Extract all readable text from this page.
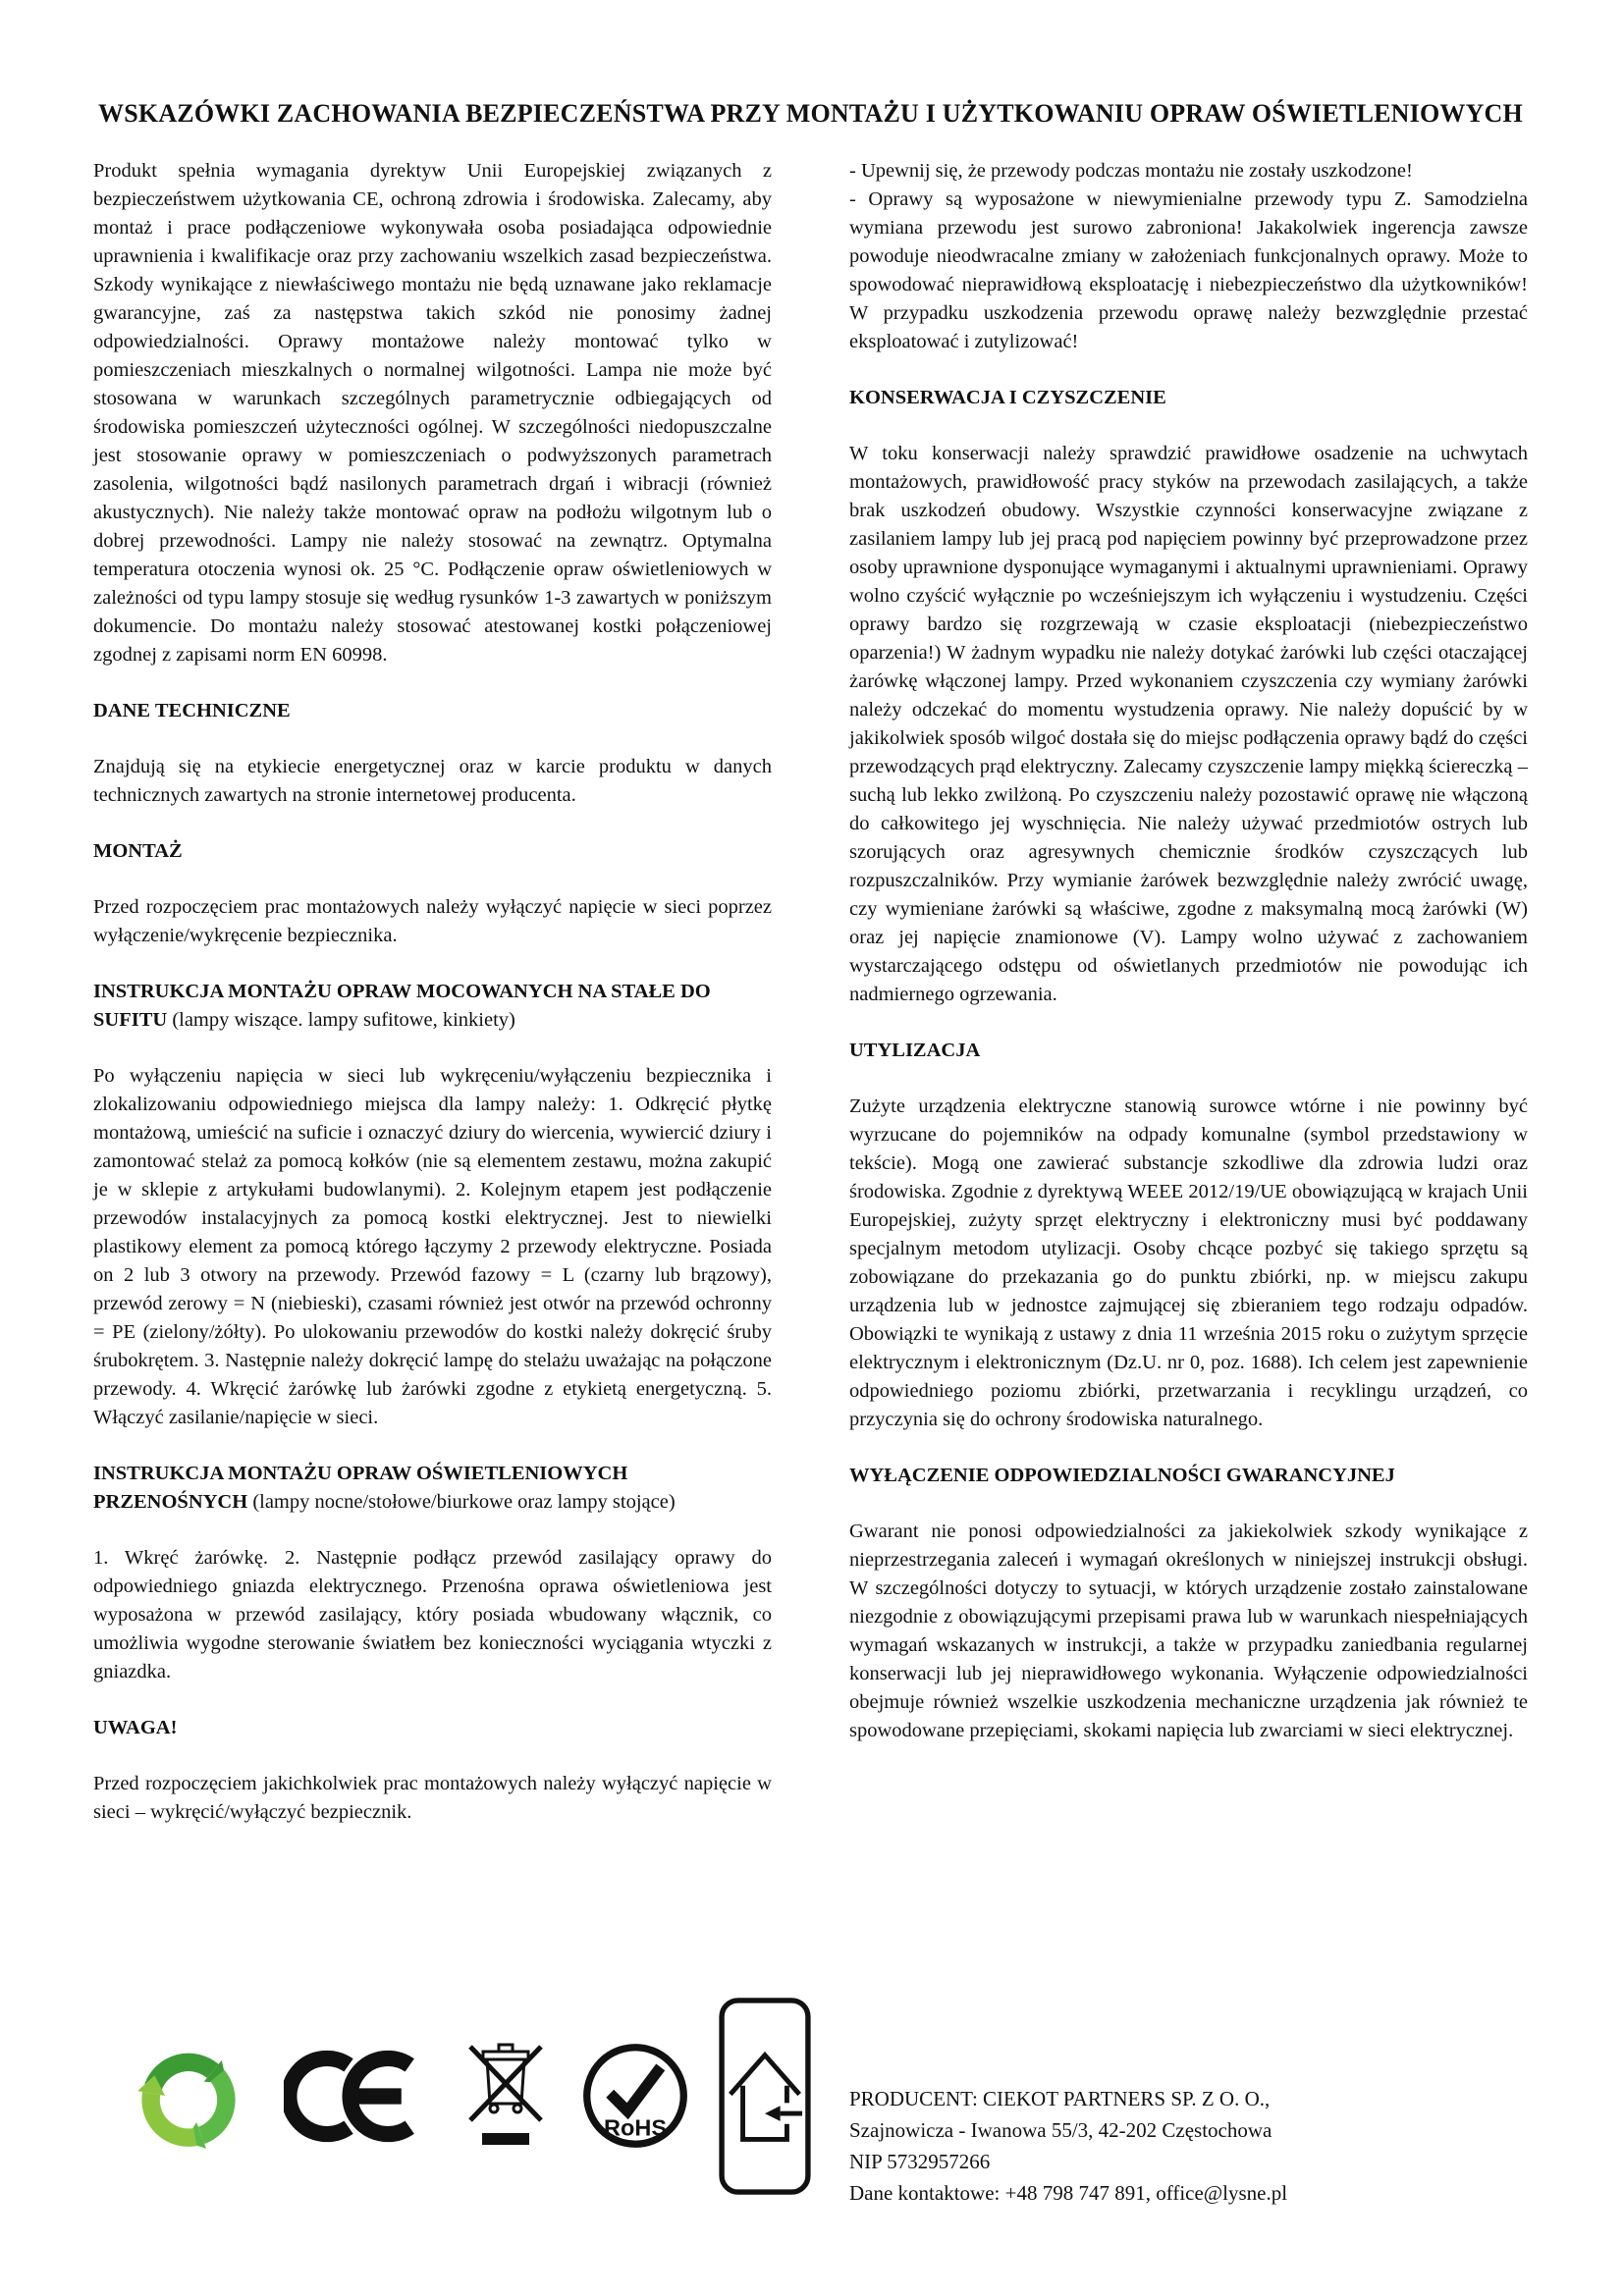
WSKAZÓWKI ZACHOWANIA BEZPIECZEŃSTWA PRZY MONTAŻU I UŻYTKOWANIU OPRAW OŚWIETLENIOWYCH

Produkt spełnia wymagania dyrektyw Unii Europejskiej związanych z bezpieczeństwem użytkowania CE, ochroną zdrowia i środowiska. Zalecamy, aby montaż i prace podłączeniowe wykonywała osoba posiadająca odpowiednie uprawnienia i kwalifikacje oraz przy zachowaniu wszelkich zasad bezpieczeństwa. Szkody wynikające z niewłaściwego montażu nie będą uznawane jako reklamacje gwarancyjne, zaś za następstwa takich szkód nie ponosimy żadnej odpowiedzialności. Oprawy montażowe należy montować tylko w pomieszczeniach mieszkalnych o normalnej wilgotności. Lampa nie może być stosowana w warunkach szczególnych parametrycznie odbiegających od środowiska pomieszczeń użyteczności ogólnej. W szczególności niedopuszczalne jest stosowanie oprawy w pomieszczeniach o podwyższonych parametrach zasolenia, wilgotności bądź nasilonych parametrach drgań i wibracji (również akustycznych). Nie należy także montować opraw na podłożu wilgotnym lub o dobrej przewodności. Lampy nie należy stosować na zewnątrz. Optymalna temperatura otoczenia wynosi ok. 25 °C. Podłączenie opraw oświetleniowych w zależności od typu lampy stosuje się według rysunków 1-3 zawartych w poniższym dokumencie. Do montażu należy stosować atestowanej kostki połączeniowej zgodnej z zapisami norm EN 60998.

DANE TECHNICZNE

Znajdują się na etykiecie energetycznej oraz w karcie produktu w danych technicznych zawartych na stronie internetowej producenta.

MONTAŻ

Przed rozpoczęciem prac montażowych należy wyłączyć napięcie w sieci poprzez wyłączenie/wykręcenie bezpiecznika.

INSTRUKCJA MONTAŻU OPRAW MOCOWANYCH NA STAŁE DO SUFITU (lampy wiszące. lampy sufitowe, kinkiety)

Po wyłączeniu napięcia w sieci lub wykręceniu/wyłączeniu bezpiecznika i zlokalizowaniu odpowiedniego miejsca dla lampy należy: 1. Odkręcić płytkę montażową, umieścić na suficie i oznaczyć dziury do wiercenia, wywiercić dziury i zamontować stelaż za pomocą kołków (nie są elementem zestawu, można zakupić je w sklepie z artykułami budowlanymi). 2. Kolejnym etapem jest podłączenie przewodów instalacyjnych za pomocą kostki elektrycznej. Jest to niewielki plastikowy element za pomocą którego łączymy 2 przewody elektryczne. Posiada on 2 lub 3 otwory na przewody. Przewód fazowy = L (czarny lub brązowy), przewód zerowy = N (niebieski), czasami również jest otwór na przewód ochronny = PE (zielony/żółty). Po ulokowaniu przewodów do kostki należy dokręcić śruby śrubokrętem. 3. Następnie należy dokręcić lampę do stelażu uważając na połączone przewody. 4. Wkręcić żarówkę lub żarówki zgodne z etykietą energetyczną. 5. Włączyć zasilanie/napięcie w sieci.

INSTRUKCJA MONTAŻU OPRAW OŚWIETLENIOWYCH PRZENOŚNYCH (lampy nocne/stołowe/biurkowe oraz lampy stojące)

1. Wkręć żarówkę. 2. Następnie podłącz przewód zasilający oprawy do odpowiedniego gniazda elektrycznego. Przenośna oprawa oświetleniowa jest wyposażona w przewód zasilający, który posiada wbudowany włącznik, co umożliwia wygodne sterowanie światłem bez konieczności wyciągania wtyczki z gniazdka.

UWAGA!

Przed rozpoczęciem jakichkolwiek prac montażowych należy wyłączyć napięcie w sieci – wykręcić/wyłączyć bezpiecznik.

- Upewnij się, że przewody podczas montażu nie zostały uszkodzone!

- Oprawy są wyposażone w niewymienialne przewody typu Z. Samodzielna wymiana przewodu jest surowo zabroniona! Jakakolwiek ingerencja zawsze powoduje nieodwracalne zmiany w założeniach funkcjonalnych oprawy. Może to spowodować nieprawidłową eksploatację i niebezpieczeństwo dla użytkowników! W przypadku uszkodzenia przewodu oprawę należy bezwzględnie przestać eksploatować i zutylizować!

KONSERWACJA I CZYSZCZENIE

W toku konserwacji należy sprawdzić prawidłowe osadzenie na uchwytach montażowych, prawidłowość pracy styków na przewodach zasilających, a także brak uszkodzeń obudowy. Wszystkie czynności konserwacyjne związane z zasilaniem lampy lub jej pracą pod napięciem powinny być przeprowadzone przez osoby uprawnione dysponujące wymaganymi i aktualnymi uprawnieniami. Oprawy wolno czyścić wyłącznie po wcześniejszym ich wyłączeniu i wystudzeniu. Części oprawy bardzo się rozgrzewają w czasie eksploatacji (niebezpieczeństwo oparzenia!) W żadnym wypadku nie należy dotykać żarówki lub części otaczającej żarówkę włączonej lampy. Przed wykonaniem czyszczenia czy wymiany żarówki należy odczekać do momentu wystudzenia oprawy. Nie należy dopuścić by w jakikolwiek sposób wilgoć dostała się do miejsc podłączenia oprawy bądź do części przewodzących prąd elektryczny. Zalecamy czyszczenie lampy miękką ściereczką – suchą lub lekko zwilżoną. Po czyszczeniu należy pozostawić oprawę nie włączoną do całkowitego jej wyschnięcia. Nie należy używać przedmiotów ostrych lub szorujących oraz agresywnych chemicznie środków czyszczących lub rozpuszczalników. Przy wymianie żarówek bezwzględnie należy zwrócić uwagę, czy wymieniane żarówki są właściwe, zgodne z maksymalną mocą żarówki (W) oraz jej napięcie znamionowe (V). Lampy wolno używać z zachowaniem wystarczającego odstępu od oświetlanych przedmiotów nie powodując ich nadmiernego ogrzewania.

UTYLIZACJA

Zużyte urządzenia elektryczne stanowią surowce wtórne i nie powinny być wyrzucane do pojemników na odpady komunalne (symbol przedstawiony w tekście). Mogą one zawierać substancje szkodliwe dla zdrowia ludzi oraz środowiska. Zgodnie z dyrektywą WEEE 2012/19/UE obowiązującą w krajach Unii Europejskiej, zużyty sprzęt elektryczny i elektroniczny musi być poddawany specjalnym metodom utylizacji. Osoby chcące pozbyć się takiego sprzętu są zobowiązane do przekazania go do punktu zbiórki, np. w miejscu zakupu urządzenia lub w jednostce zajmującej się zbieraniem tego rodzaju odpadów. Obowiązki te wynikają z ustawy z dnia 11 września 2015 roku o zużytym sprzęcie elektrycznym i elektronicznym (Dz.U. nr 0, poz. 1688). Ich celem jest zapewnienie odpowiedniego poziomu zbiórki, przetwarzania i recyklingu urządzeń, co przyczynia się do ochrony środowiska naturalnego.

WYŁĄCZENIE ODPOWIEDZIALNOŚCI GWARANCYJNEJ

Gwarant nie ponosi odpowiedzialności za jakiekolwiek szkody wynikające z nieprzestrzegania zaleceń i wymagań określonych w niniejszej instrukcji obsługi. W szczególności dotyczy to sytuacji, w których urządzenie zostało zainstalowane niezgodnie z obowiązującymi przepisami prawa lub w warunkach niespełniających wymagań wskazanych w instrukcji, a także w przypadku zaniedbania regularnej konserwacji lub jej nieprawidłowego wykonania. Wyłączenie odpowiedzialności obejmuje również wszelkie uszkodzenia mechaniczne urządzenia jak również te spowodowane przepięciami, skokami napięcia lub zwarciami w sieci elektrycznej.

RoHS
PRODUCENT: CIEKOT PARTNERS SP. Z O. O.,
Szajnowicza - Iwanowa 55/3, 42-202 Częstochowa
NIP 5732957266
Dane kontaktowe: +48 798 747 891, office@lysne.pl
